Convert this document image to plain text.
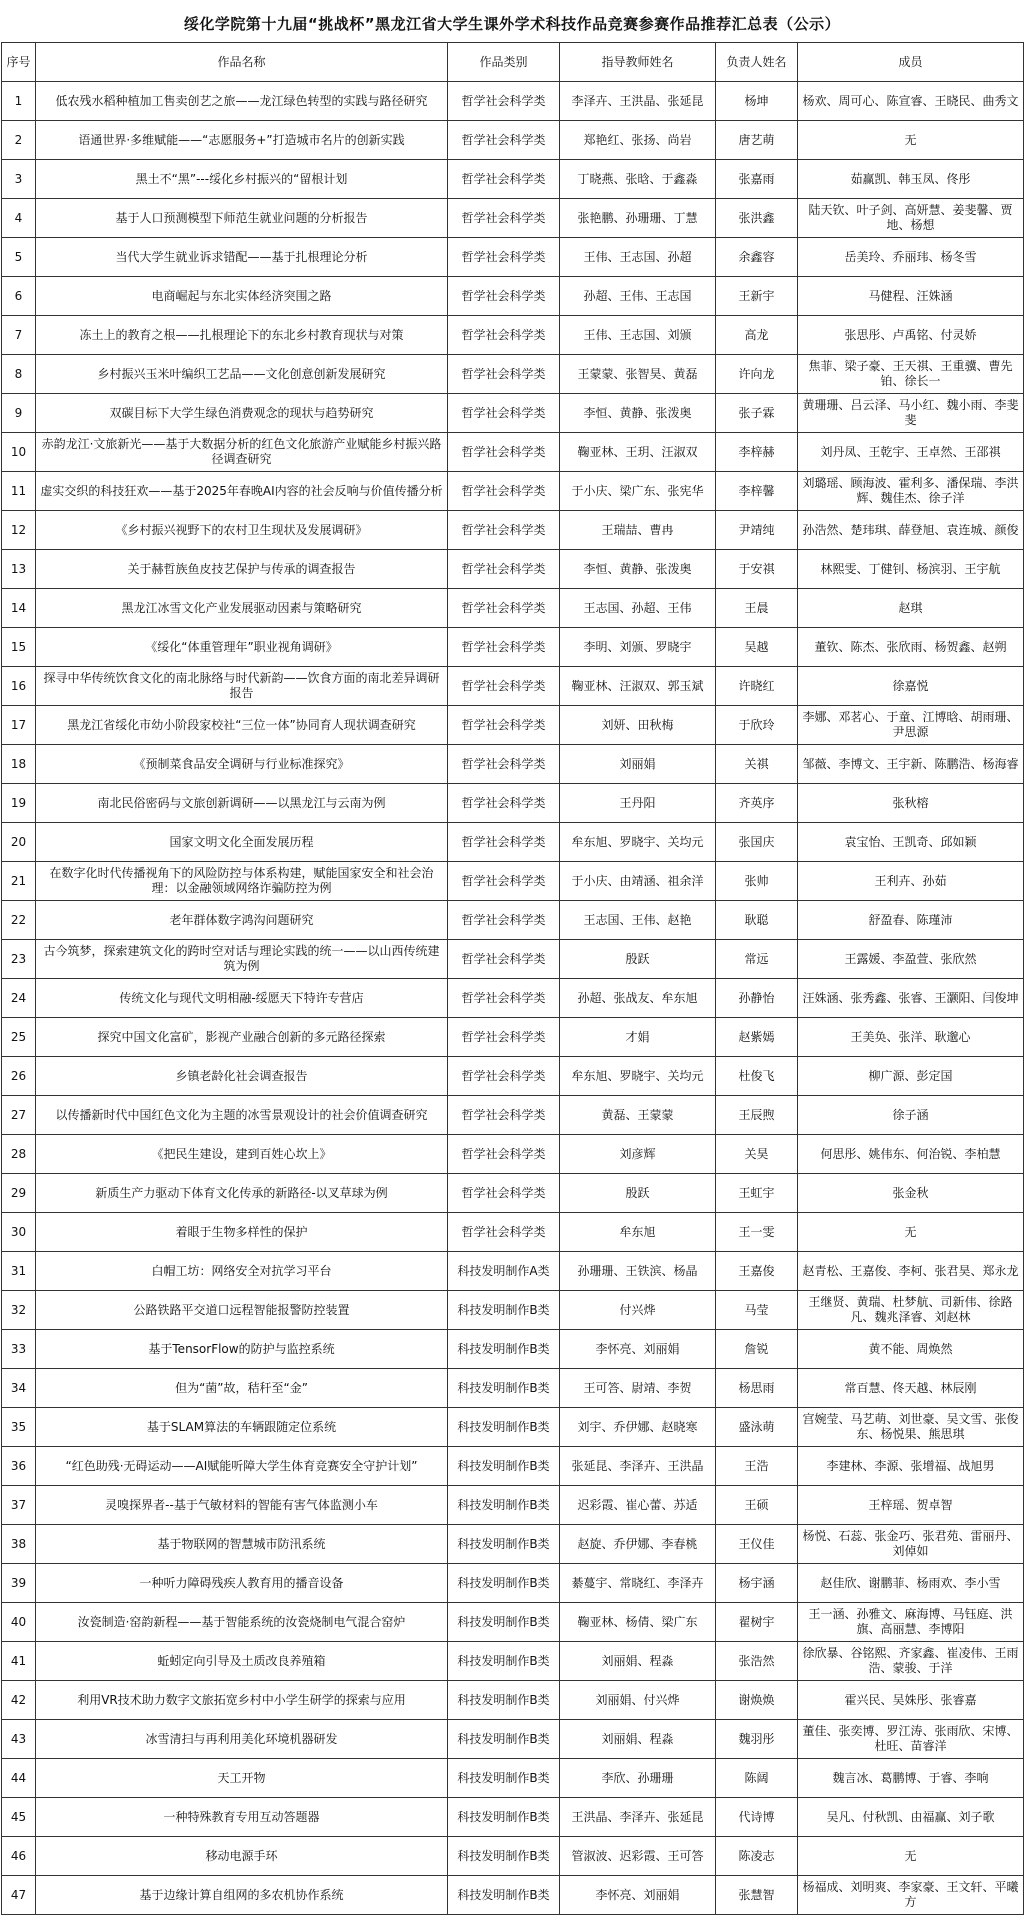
绥化学院第十九届“挑战杯”黑龙江省大学生课外学术科技作品竞赛参赛作品推荐汇总表（公示）
序号	作品名称	作品类别	指导教师姓名	负责人姓名	成员
1	低农残水稻种植加工售卖创艺之旅——龙江绿色转型的实践与路径研究	哲学社会科学类	李泽卉、王洪晶、张延昆	杨坤	杨欢、周可心、陈宣睿、王晓民、曲秀文
2	语通世界·多维赋能——“志愿服务+”打造城市名片的创新实践	哲学社会科学类	郑艳红、张扬、尚岩	唐艺萌	无
3	黑土不“黑”---绥化乡村振兴的“留根计划	哲学社会科学类	丁晓燕、张晗、于鑫淼	张嘉雨	茹赢凯、韩玉凤、佟彤
4	基于人口预测模型下师范生就业问题的分析报告	哲学社会科学类	张艳鹏、孙珊珊、丁慧	张洪鑫	陆天钦、叶子剑、高妍慧、姜斐馨、贾地、杨想
5	当代大学生就业诉求错配——基于扎根理论分析	哲学社会科学类	王伟、王志国、孙超	余鑫容	岳美玲、乔丽玮、杨冬雪
6	电商崛起与东北实体经济突围之路	哲学社会科学类	孙超、王伟、王志国	王新宇	马健程、汪姝涵
7	冻土上的教育之根——扎根理论下的东北乡村教育现状与对策	哲学社会科学类	王伟、王志国、刘颁	高龙	张思彤、卢禹铭、付灵娇
8	乡村振兴玉米叶编织工艺品——文化创意创新发展研究	哲学社会科学类	王蒙蒙、张智昊、黄磊	许向龙	焦菲、梁子豪、王天祺、王重骥、曹先铂、徐长一
9	双碳目标下大学生绿色消费观念的现状与趋势研究	哲学社会科学类	李恒、黄静、张泼奥	张子霖	黄珊珊、吕云泽、马小红、魏小雨、李斐斐
10	赤韵龙江·文旅新光——基于大数据分析的红色文化旅游产业赋能乡村振兴路径调查研究	哲学社会科学类	鞠亚林、王玥、汪淑双	李梓赫	刘丹凤、王乾宇、王卓然、王邵祺
11	虚实交织的科技狂欢——基于2025年春晚AI内容的社会反响与价值传播分析	哲学社会科学类	于小庆、梁广东、张宪华	李梓馨	刘璐瑶、顾海波、霍利多、潘保瑞、李洪辉、魏佳杰、徐子洋
12	《乡村振兴视野下的农村卫生现状及发展调研》	哲学社会科学类	王瑞喆、曹冉	尹靖纯	孙浩然、楚玮琪、薛登旭、袁连城、颜俊
13	关于赫哲族鱼皮技艺保护与传承的调查报告	哲学社会科学类	李恒、黄静、张泼奥	于安祺	林熙雯、丁健钊、杨滨羽、王宇航
14	黑龙江冰雪文化产业发展驱动因素与策略研究	哲学社会科学类	王志国、孙超、王伟	王晨	赵琪
15	《绥化“体重管理年”职业视角调研》	哲学社会科学类	李明、刘颁、罗晓宇	吴越	董钦、陈杰、张欣雨、杨贺鑫、赵朔
16	探寻中华传统饮食文化的南北脉络与时代新韵——饮食方面的南北差异调研报告	哲学社会科学类	鞠亚林、汪淑双、郭玉斌	许晓红	徐嘉悦
17	黑龙江省绥化市幼小阶段家校社“三位一体”协同育人现状调查研究	哲学社会科学类	刘妍、田秋梅	于欣玲	李娜、邓茗心、于童、江博晗、胡雨珊、尹思源
18	《预制菜食品安全调研与行业标准探究》	哲学社会科学类	刘丽娟	关祺	邹薇、李博文、王宇新、陈鹏浩、杨海睿
19	南北民俗密码与文旅创新调研——以黑龙江与云南为例	哲学社会科学类	王丹阳	齐英序	张秋榕
20	国家文明文化全面发展历程	哲学社会科学类	牟东旭、罗晓宇、关均元	张国庆	袁宝怡、王凯奇、邱如颖
21	在数字化时代传播视角下的风险防控与体系构建，赋能国家安全和社会治理：以金融领域网络诈骗防控为例	哲学社会科学类	于小庆、由靖涵、祖余洋	张帅	王利卉、孙茹
22	老年群体数字鸿沟问题研究	哲学社会科学类	王志国、王伟、赵艳	耿聪	舒盈春、陈瑾沛
23	古今筑梦，探索建筑文化的跨时空对话与理论实践的统一——以山西传统建筑为例	哲学社会科学类	殷跃	常远	王露媛、李盈萱、张欣然
24	传统文化与现代文明相融-绥愿天下特许专营店	哲学社会科学类	孙超、张战友、牟东旭	孙静怡	汪姝涵、张秀鑫、张睿、王灏阳、闫俊坤
25	探究中国文化富矿，影视产业融合创新的多元路径探索	哲学社会科学类	才娟	赵紫嫣	王美奂、张洋、耿邈心
26	乡镇老龄化社会调查报告	哲学社会科学类	牟东旭、罗晓宇、关均元	杜俊飞	柳广源、彭定国
27	以传播新时代中国红色文化为主题的冰雪景观设计的社会价值调查研究	哲学社会科学类	黄磊、王蒙蒙	王辰煦	徐子涵
28	《把民生建设，建到百姓心坎上》	哲学社会科学类	刘彦辉	关昊	何思彤、姚伟东、何治锐、李柏慧
29	新质生产力驱动下体育文化传承的新路径-以叉草球为例	哲学社会科学类	殷跃	王虹宇	张金秋
30	着眼于生物多样性的保护	哲学社会科学类	牟东旭	王一雯	无
31	白帽工坊：网络安全对抗学习平台	科技发明制作A类	孙珊珊、王铁滨、杨晶	王嘉俊	赵青松、王嘉俊、李柯、张君昊、郑永龙
32	公路铁路平交道口远程智能报警防控装置	科技发明制作B类	付兴烨	马莹	王继贤、黄瑞、杜梦航、司新伟、徐路凡、魏兆泽睿、刘赵林
33	基于TensorFlow的防护与监控系统	科技发明制作B类	李怀亮、刘丽娟	詹锐	黄不能、周焕然
34	但为“菌”故，秸秆至“金”	科技发明制作B类	王可答、尉靖、李贺	杨思雨	常百慧、佟天越、林辰刚
35	基于SLAM算法的车辆跟随定位系统	科技发明制作B类	刘宇、乔伊娜、赵晓寒	盛泳萌	宫婉莹、马艺萌、刘世豪、吴文雪、张俊东、杨悦果、熊思琪
36	“红色助残·无碍运动——AI赋能听障大学生体育竞赛安全守护计划”	科技发明制作B类	张延昆、李泽卉、王洪晶	王浩	李建林、李源、张增福、战旭男
37	灵嗅探界者--基于气敏材料的智能有害气体监测小车	科技发明制作B类	迟彩霞、崔心蕾、苏适	王硕	王梓瑶、贺卓智
38	基于物联网的智慧城市防汛系统	科技发明制作B类	赵旋、乔伊娜、李春桃	王仪佳	杨悦、石蕊、张金巧、张君苑、雷丽丹、刘倬如
39	一种听力障碍残疾人教育用的播音设备	科技发明制作B类	綦蔓宇、常晓红、李泽卉	杨宇涵	赵佳欣、谢鹏菲、杨雨欢、李小雪
40	汝瓷制造·窑韵新程——基于智能系统的汝瓷烧制电气混合窑炉	科技发明制作B类	鞠亚林、杨倩、梁广东	翟树宇	王一涵、孙雅文、麻海博、马钰庭、洪旗、高丽慧、李博阳
41	蚯蚓定向引导及土质改良养殖箱	科技发明制作B类	刘丽娟、程淼	张浩然	徐欣暴、谷铭熙、齐家鑫、崔凌伟、王雨浩、蒙骏、于洋
42	利用VR技术助力数字文旅拓宽乡村中小学生研学的探索与应用	科技发明制作B类	刘丽娟、付兴烨	谢焕焕	霍兴民、吴姝彤、张睿嘉
43	冰雪清扫与再利用美化环境机器研发	科技发明制作B类	刘丽娟、程淼	魏羽彤	董佳、张奕博、罗江涛、张雨欣、宋博、杜旺、苗睿洋
44	天工开物	科技发明制作B类	李欣、孙珊珊	陈阔	魏言冰、葛鹏博、于睿、李响
45	一种特殊教育专用互动答题器	科技发明制作B类	王洪晶、李泽卉、张延昆	代诗博	吴凡、付秋凯、由福赢、刘子歌
46	移动电源手环	科技发明制作B类	管淑波、迟彩霞、王可答	陈凌志	无
47	基于边缘计算自组网的多农机协作系统	科技发明制作B类	李怀亮、刘丽娟	张慧智	杨福成、刘明爽、李家豪、王文轩、平曦方
